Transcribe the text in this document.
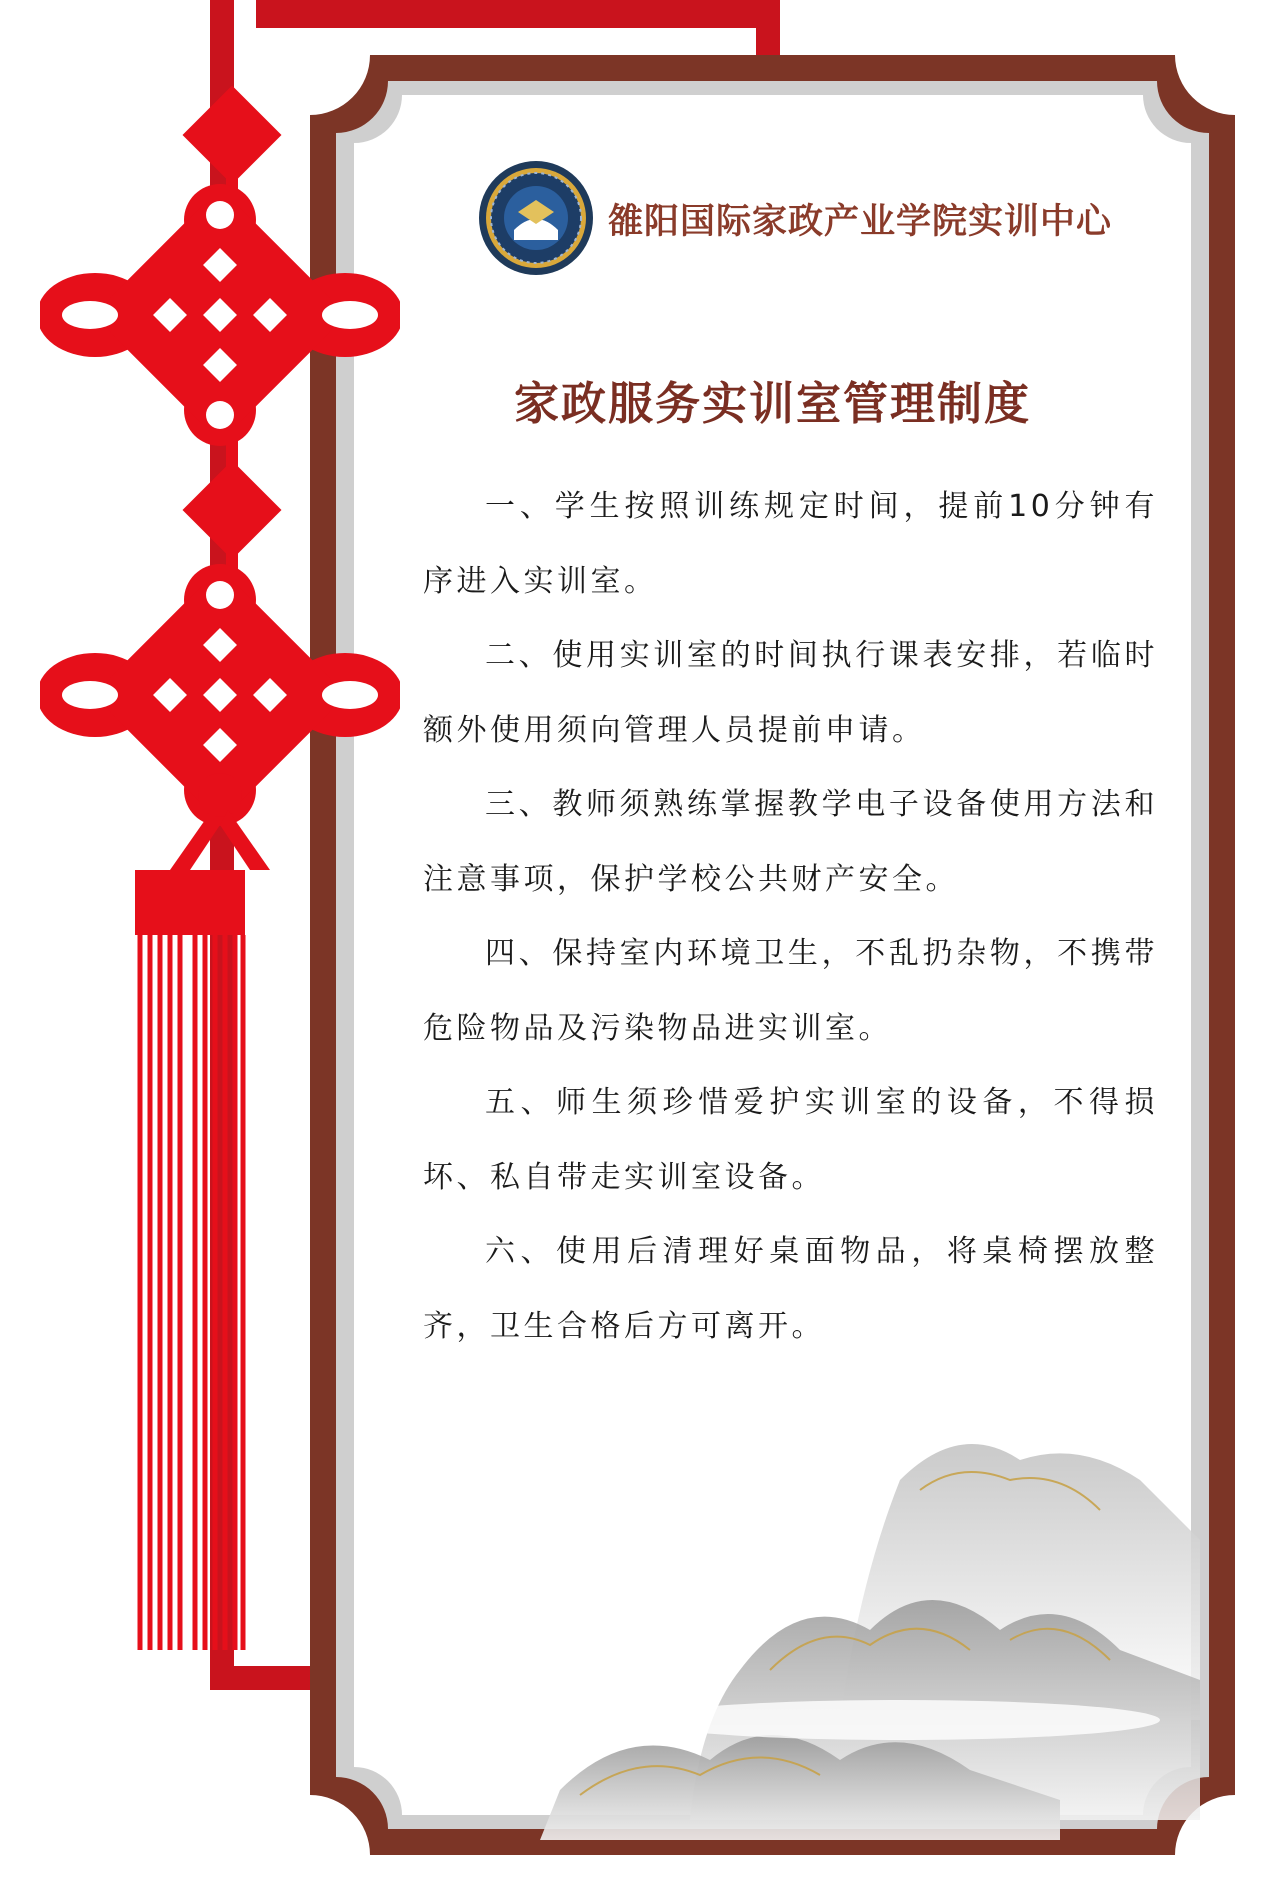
雒阳国际家政产业学院实训中心
家政服务实训室管理制度

一、学生按照训练规定时间，提前10分钟有序进入实训室。

二、使用实训室的时间执行课表安排，若临时额外使用须向管理人员提前申请。

三、教师须熟练掌握教学电子设备使用方法和注意事项，保护学校公共财产安全。

四、保持室内环境卫生，不乱扔杂物，不携带危险物品及污染物品进实训室。

五、师生须珍惜爱护实训室的设备，不得损坏、私自带走实训室设备。

六、使用后清理好桌面物品，将桌椅摆放整齐，卫生合格后方可离开。
